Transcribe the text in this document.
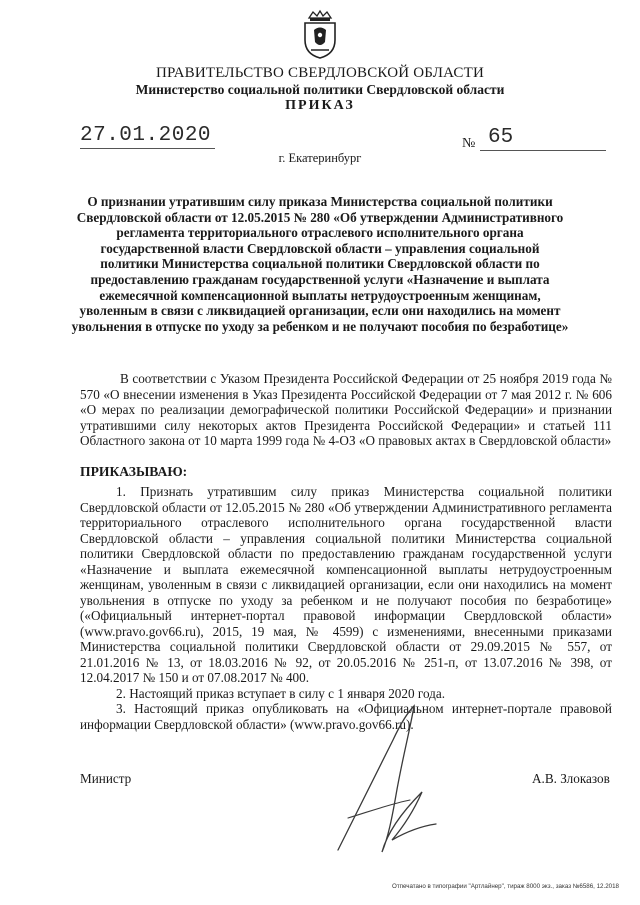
ПРАВИТЕЛЬСТВО СВЕРДЛОВСКОЙ ОБЛАСТИ
Министерство социальной политики Свердловской области
ПРИКАЗ
27.01.2020	№ 65
г. Екатеринбург
О признании утратившим силу приказа Министерства социальной политики Свердловской области от 12.05.2015 № 280 «Об утверждении Административного регламента территориального отраслевого исполнительного органа государственной власти Свердловской области – управления социальной политики Министерства социальной политики Свердловской области по предоставлению гражданам государственной услуги «Назначение и выплата ежемесячной компенсационной выплаты нетрудоустроенным женщинам, уволенным в связи с ликвидацией организации, если они находились на момент увольнения в отпуске по уходу за ребенком и не получают пособия по безработице»

В соответствии с Указом Президента Российской Федерации от 25 ноября 2019 года № 570 «О внесении изменения в Указ Президента Российской Федерации от 7 мая 2012 г. № 606 «О мерах по реализации демографической политики Российской Федерации» и признании утратившими силу некоторых актов Президента Российской Федерации» и статьей 111 Областного закона от 10 марта 1999 года № 4-ОЗ «О правовых актах в Свердловской области»

ПРИКАЗЫВАЮ:

1. Признать утратившим силу приказ Министерства социальной политики Свердловской области от 12.05.2015 № 280 «Об утверждении Административного регламента территориального отраслевого исполнительного органа государственной власти Свердловской области – управления социальной политики Министерства социальной политики Свердловской области по предоставлению гражданам государственной услуги «Назначение и выплата ежемесячной компенсационной выплаты нетрудоустроенным женщинам, уволенным в связи с ликвидацией организации, если они находились на момент увольнения в отпуске по уходу за ребенком и не получают пособия по безработице» («Официальный интернет-портал правовой информации Свердловской области» (www.pravo.gov66.ru), 2015, 19 мая, № 4599) с изменениями, внесенными приказами Министерства социальной политики Свердловской области от 29.09.2015 № 557, от 21.01.2016 № 13, от 18.03.2016 № 92, от 20.05.2016 № 251-п, от 13.07.2016 № 398, от 12.04.2017 № 150 и от 07.08.2017 № 400.

2. Настоящий приказ вступает в силу с 1 января 2020 года.

3. Настоящий приказ опубликовать на «Официальном интернет-портале правовой информации Свердловской области» (www.pravo.gov66.ru).

Министр	А.В. Злоказов
Отпечатано в типографии "Артлайнер", тираж 8000 экз., заказ №6586, 12.2018
